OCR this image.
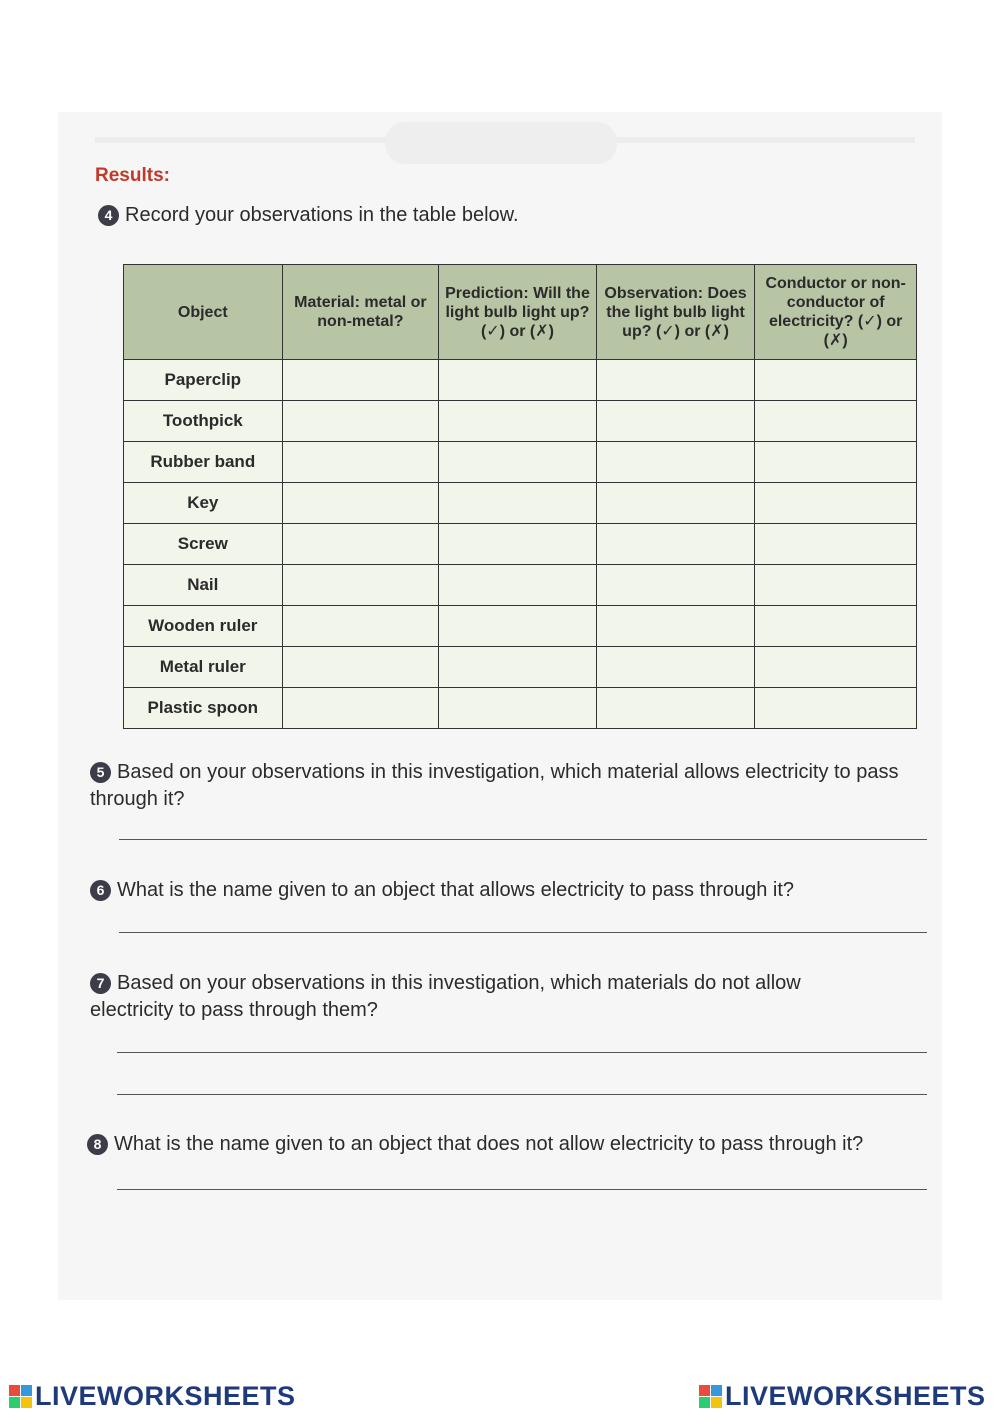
Results:
4 Record your observations in the table below.
Object	Material: metal or non-metal?	Prediction: Will the light bulb light up? (✓) or (✗)	Observation: Does the light bulb light up? (✓) or (✗)	Conductor or non-conductor of electricity? (✓) or (✗)
Paperclip				
Toothpick				
Rubber band				
Key				
Screw				
Nail				
Wooden ruler				
Metal ruler				
Plastic spoon				
5 Based on your observations in this investigation, which material allows electricity to pass through it?
6 What is the name given to an object that allows electricity to pass through it?
7 Based on your observations in this investigation, which materials do not allow electricity to pass through them?
8 What is the name given to an object that does not allow electricity to pass through it?
LIVEWORKSHEETS	LIVEWORKSHEETS
